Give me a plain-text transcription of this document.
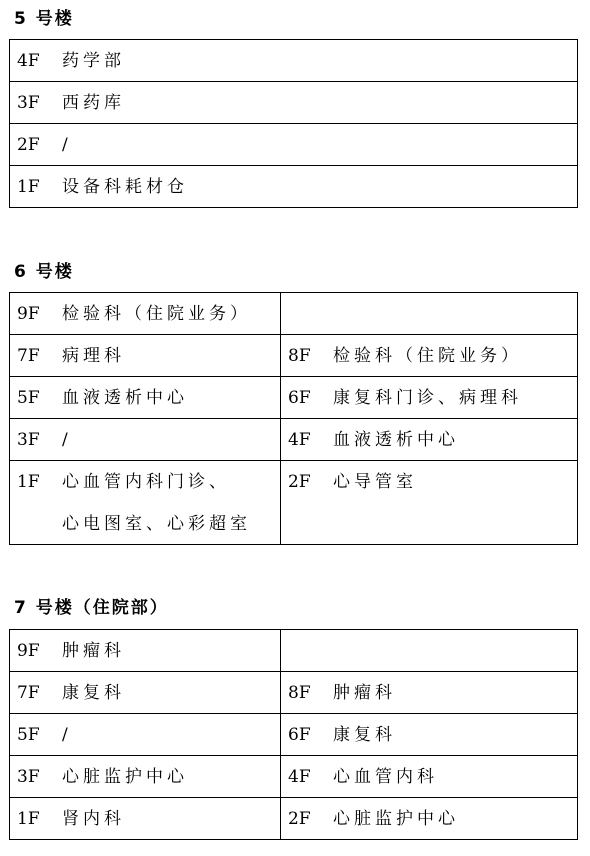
5 号楼
4F	药学部

3F	西药库

2F	/

1F	设备科耗材仓
6 号楼
9F 检验科（住院业务）	

7F 病理科	8F 检验科（住院业务）

5F 血液透析中心	6F 康复科门诊、病理科

3F /	4F 血液透析中心

1F 心血管内科门诊、
心电图室、心彩超室	2F 心导管室
7 号楼（住院部）
9F 肿瘤科	

7F 康复科	8F 肿瘤科

5F /	6F 康复科

3F 心脏监护中心	4F 心血管内科

1F 肾内科	2F 心脏监护中心
